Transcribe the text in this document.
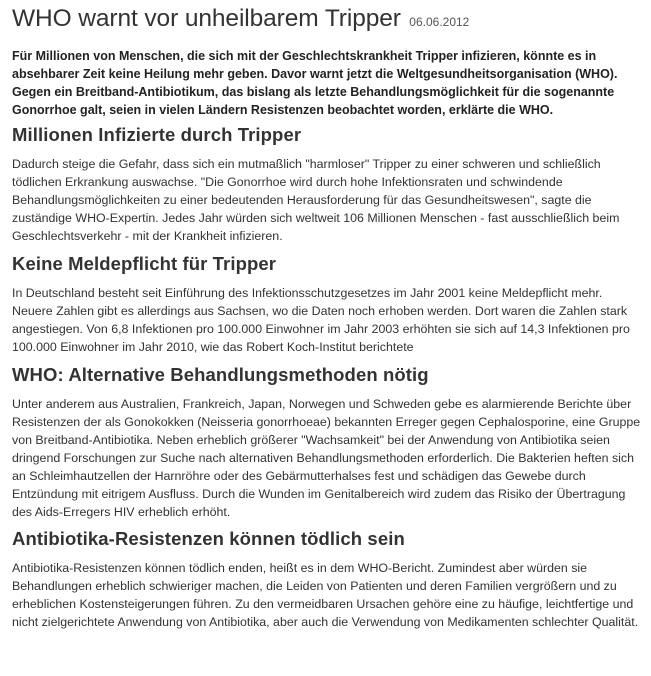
WHO warnt vor unheilbarem Tripper 06.06.2012

Für Millionen von Menschen, die sich mit der Geschlechtskrankheit Tripper infizieren, könnte es in absehbarer Zeit keine Heilung mehr geben. Davor warnt jetzt die Weltgesundheitsorganisation (WHO). Gegen ein Breitband-Antibiotikum, das bislang als letzte Behandlungsmöglichkeit für die sogenannte Gonorrhoe galt, seien in vielen Ländern Resistenzen beobachtet worden, erklärte die WHO.

Millionen Infizierte durch Tripper

Dadurch steige die Gefahr, dass sich ein mutmaßlich "harmloser" Tripper zu einer schweren und schließlich tödlichen Erkrankung auswachse. "Die Gonorrhoe wird durch hohe Infektionsraten und schwindende Behandlungsmöglichkeiten zu einer bedeutenden Herausforderung für das Gesundheitswesen", sagte die zuständige WHO-Expertin. Jedes Jahr würden sich weltweit 106 Millionen Menschen - fast ausschließlich beim Geschlechtsverkehr - mit der Krankheit infizieren.

Keine Meldepflicht für Tripper

In Deutschland besteht seit Einführung des Infektionsschutzgesetzes im Jahr 2001 keine Meldepflicht mehr. Neuere Zahlen gibt es allerdings aus Sachsen, wo die Daten noch erhoben werden. Dort waren die Zahlen stark angestiegen. Von 6,8 Infektionen pro 100.000 Einwohner im Jahr 2003 erhöhten sie sich auf 14,3 Infektionen pro 100.000 Einwohner im Jahr 2010, wie das Robert Koch-Institut berichtete

WHO: Alternative Behandlungsmethoden nötig

Unter anderem aus Australien, Frankreich, Japan, Norwegen und Schweden gebe es alarmierende Berichte über Resistenzen der als Gonokokken (Neisseria gonorrhoeae) bekannten Erreger gegen Cephalosporine, eine Gruppe von Breitband-Antibiotika. Neben erheblich größerer "Wachsamkeit" bei der Anwendung von Antibiotika seien dringend Forschungen zur Suche nach alternativen Behandlungsmethoden erforderlich. Die Bakterien heften sich an Schleimhautzellen der Harnröhre oder des Gebärmutterhalses fest und schädigen das Gewebe durch Entzündung mit eitrigem Ausfluss. Durch die Wunden im Genitalbereich wird zudem das Risiko der Übertragung des Aids-Erregers HIV erheblich erhöht.

Antibiotika-Resistenzen können tödlich sein

Antibiotika-Resistenzen können tödlich enden, heißt es in dem WHO-Bericht. Zumindest aber würden sie Behandlungen erheblich schwieriger machen, die Leiden von Patienten und deren Familien vergrößern und zu erheblichen Kostensteigerungen führen. Zu den vermeidbaren Ursachen gehöre eine zu häufige, leichtfertige und nicht zielgerichtete Anwendung von Antibiotika, aber auch die Verwendung von Medikamenten schlechter Qualität.
